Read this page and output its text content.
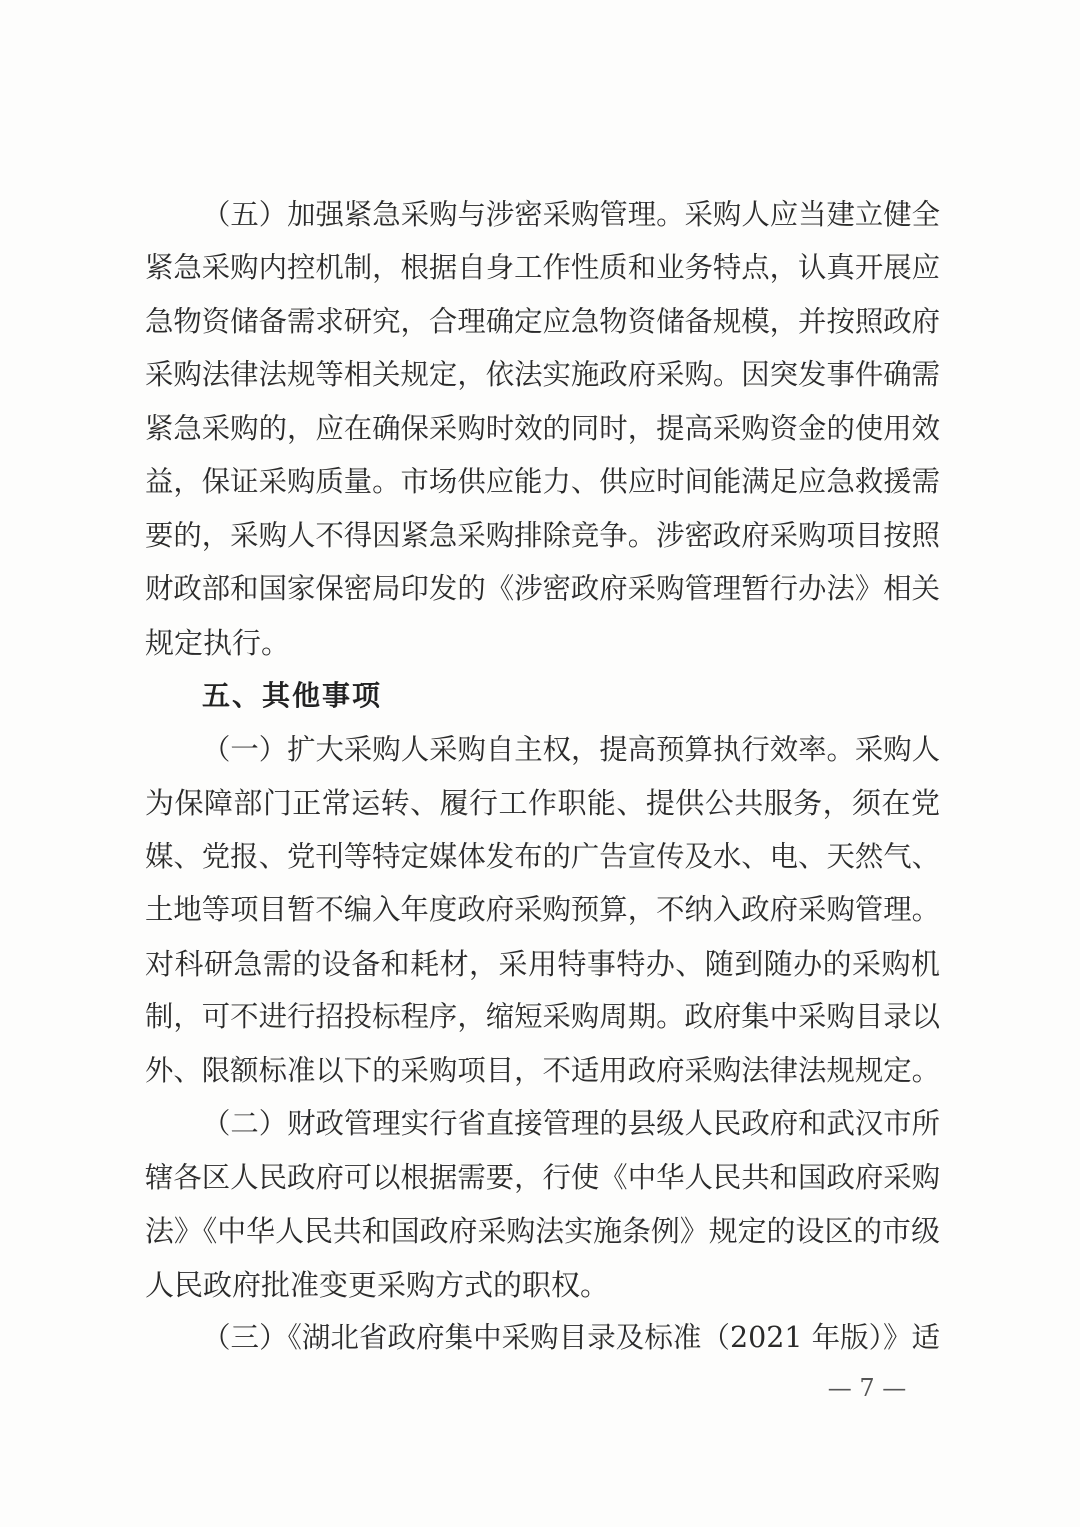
（五）加强紧急采购与涉密采购管理。采购人应当建立健全
紧急采购内控机制，根据自身工作性质和业务特点，认真开展应
急物资储备需求研究，合理确定应急物资储备规模，并按照政府
采购法律法规等相关规定，依法实施政府采购。因突发事件确需
紧急采购的，应在确保采购时效的同时，提高采购资金的使用效
益，保证采购质量。市场供应能力、供应时间能满足应急救援需
要的，采购人不得因紧急采购排除竞争。涉密政府采购项目按照
财政部和国家保密局印发的《涉密政府采购管理暂行办法》相关
规定执行。
五、其他事项
（一）扩大采购人采购自主权，提高预算执行效率。采购人
为保障部门正常运转、履行工作职能、提供公共服务，须在党
媒、党报、党刊等特定媒体发布的广告宣传及水、电、天然气、
土地等项目暂不编入年度政府采购预算，不纳入政府采购管理。
对科研急需的设备和耗材，采用特事特办、随到随办的采购机
制，可不进行招投标程序，缩短采购周期。政府集中采购目录以
外、限额标准以下的采购项目，不适用政府采购法律法规规定。
（二）财政管理实行省直接管理的县级人民政府和武汉市所
辖各区人民政府可以根据需要，行使《中华人民共和国政府采购
法》《中华人民共和国政府采购法实施条例》规定的设区的市级
人民政府批准变更采购方式的职权。
（三）《湖北省政府集中采购目录及标准（2021 年版）》适
— 7 —
